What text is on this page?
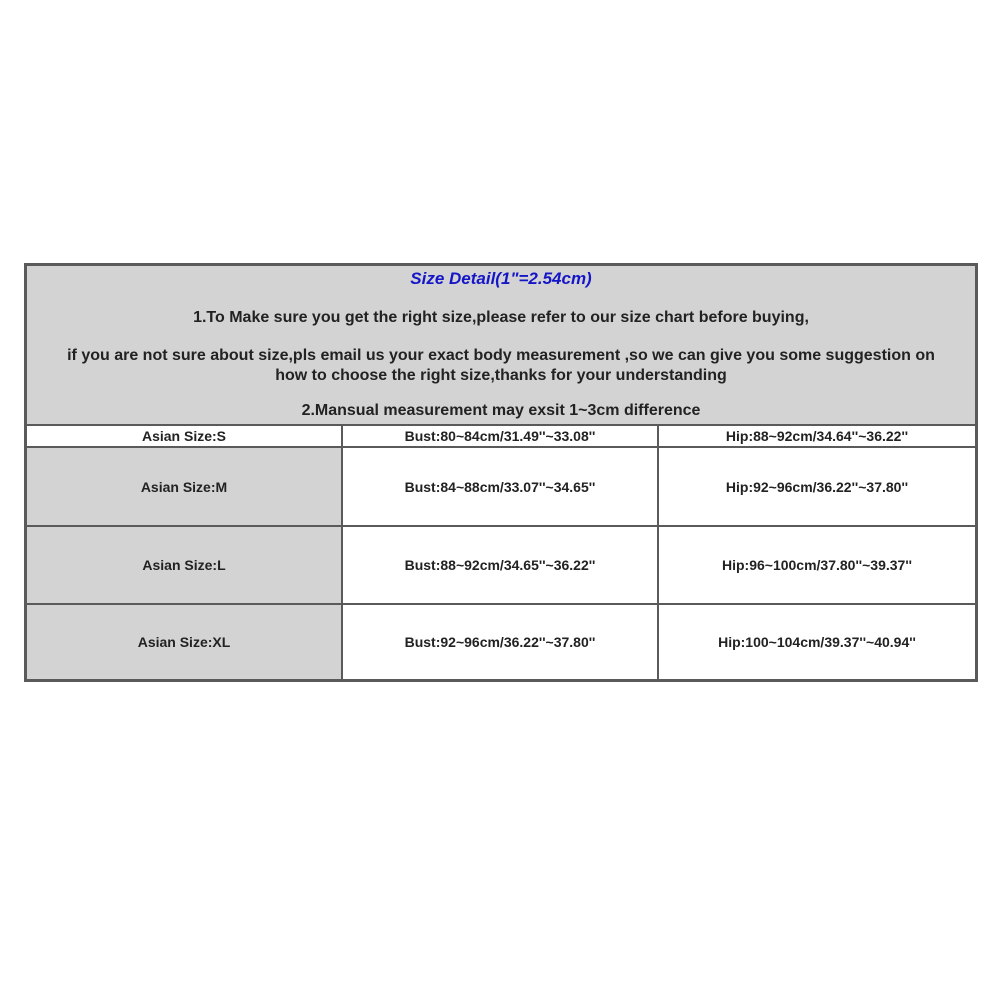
Size Detail(1"=2.54cm)
1.To Make sure you get the right size,please refer to our size chart before buying,
if you are not sure about size,pls email us your exact body measurement ,so we can give you some suggestion on
how to choose the right size,thanks for your understanding
2.Mansual measurement may exsit 1~3cm difference
Asian Size:S	Bust:80~84cm/31.49''~33.08''	Hip:88~92cm/34.64''~36.22''
Asian Size:M	Bust:84~88cm/33.07''~34.65''	Hip:92~96cm/36.22''~37.80''
Asian Size:L	Bust:88~92cm/34.65''~36.22''	Hip:96~100cm/37.80''~39.37''
Asian Size:XL	Bust:92~96cm/36.22''~37.80''	Hip:100~104cm/39.37''~40.94''
